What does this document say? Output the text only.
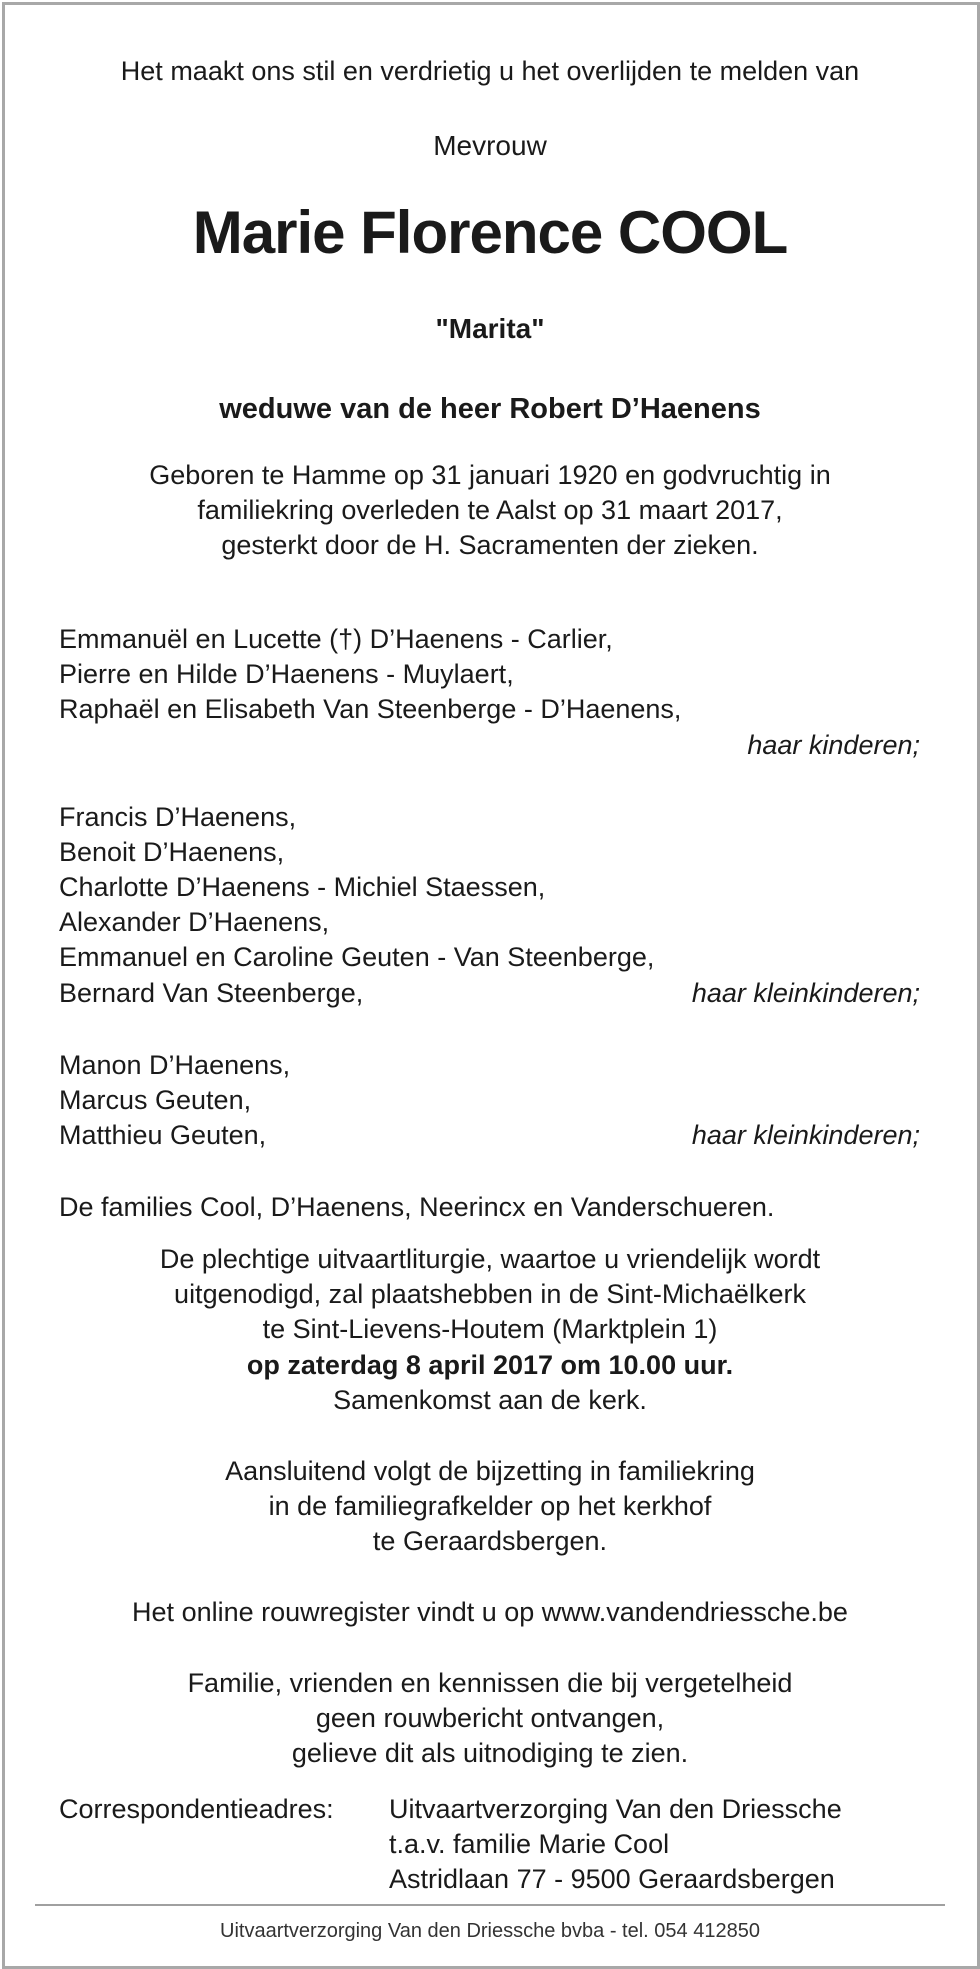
Het maakt ons stil en verdrietig u het overlijden te melden van
Mevrouw
Marie Florence COOL
"Marita"
weduwe van de heer Robert D’Haenens
Geboren te Hamme op 31 januari 1920 en godvruchtig in
familiekring overleden te Aalst op 31 maart 2017,
gesterkt door de H. Sacramenten der zieken.
Emmanuël en Lucette (†) D’Haenens - Carlier,
Pierre en Hilde D’Haenens - Muylaert,
Raphaël en Elisabeth Van Steenberge - D’Haenens,
haar kinderen;
Francis D’Haenens,
Benoit D’Haenens,
Charlotte D’Haenens - Michiel Staessen,
Alexander D’Haenens,
Emmanuel en Caroline Geuten - Van Steenberge,
Bernard Van Steenberge,	haar kleinkinderen;
Manon D’Haenens,
Marcus Geuten,
Matthieu Geuten,	haar kleinkinderen;
De families Cool, D’Haenens, Neerincx en Vanderschueren.
De plechtige uitvaartliturgie, waartoe u vriendelijk wordt
uitgenodigd, zal plaatshebben in de Sint-Michaëlkerk
te Sint-Lievens-Houtem (Marktplein 1)
op zaterdag 8 april 2017 om 10.00 uur.
Samenkomst aan de kerk.
Aansluitend volgt de bijzetting in familiekring
in de familiegrafkelder op het kerkhof
te Geraardsbergen.
Het online rouwregister vindt u op www.vandendriessche.be
Familie, vrienden en kennissen die bij vergetelheid
geen rouwbericht ontvangen,
gelieve dit als uitnodiging te zien.
Correspondentieadres: Uitvaartverzorging Van den Driessche
t.a.v. familie Marie Cool
Astridlaan 77 - 9500 Geraardsbergen
Uitvaartverzorging Van den Driessche bvba - tel. 054 412850
